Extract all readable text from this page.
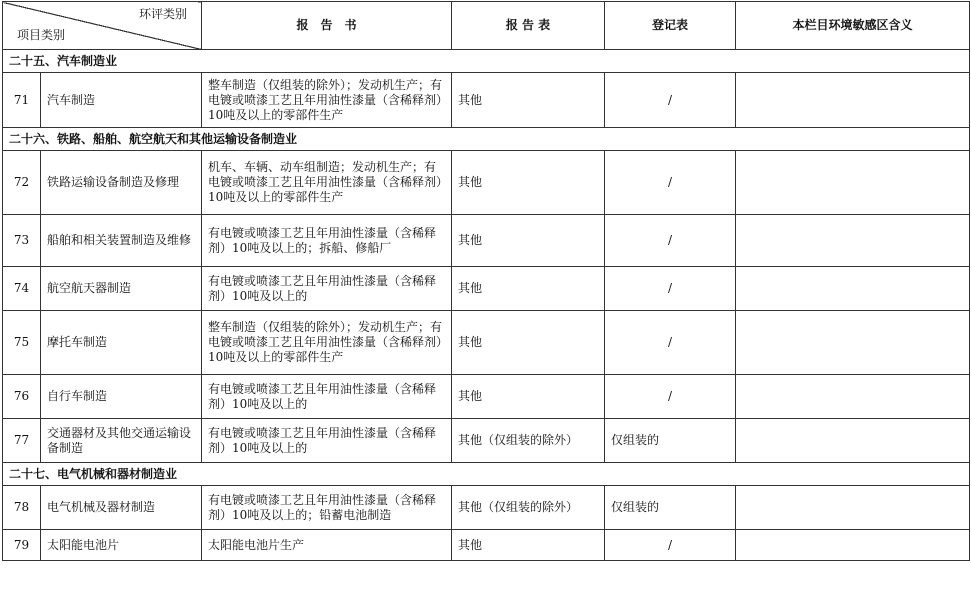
环评类别
项目类别		报　告　书	报 告 表	登记表	本栏目环境敏感区含义
二十五、汽车制造业					
71	汽车制造	整车制造（仅组装的除外）；发动机生产；有电镀或喷漆工艺且年用油性漆量（含稀释剂）10吨及以上的零部件生产	其他	/	
二十六、铁路、船舶、航空航天和其他运输设备制造业					
72	铁路运输设备制造及修理	机车、车辆、动车组制造；发动机生产；有电镀或喷漆工艺且年用油性漆量（含稀释剂）10吨及以上的零部件生产	其他	/	
73	船舶和相关装置制造及维修	有电镀或喷漆工艺且年用油性漆量（含稀释剂）10吨及以上的；拆船、修船厂	其他	/	
74	航空航天器制造	有电镀或喷漆工艺且年用油性漆量（含稀释剂）10吨及以上的	其他	/	
75	摩托车制造	整车制造（仅组装的除外）；发动机生产；有电镀或喷漆工艺且年用油性漆量（含稀释剂）10吨及以上的零部件生产	其他	/	
76	自行车制造	有电镀或喷漆工艺且年用油性漆量（含稀释剂）10吨及以上的	其他	/	
77	交通器材及其他交通运输设备制造	有电镀或喷漆工艺且年用油性漆量（含稀释剂）10吨及以上的	其他（仅组装的除外）	仅组装的	
二十七、电气机械和器材制造业					
78	电气机械及器材制造	有电镀或喷漆工艺且年用油性漆量（含稀释剂）10吨及以上的；铅蓄电池制造	其他（仅组装的除外）	仅组装的	
79	太阳能电池片	太阳能电池片生产	其他	/	
